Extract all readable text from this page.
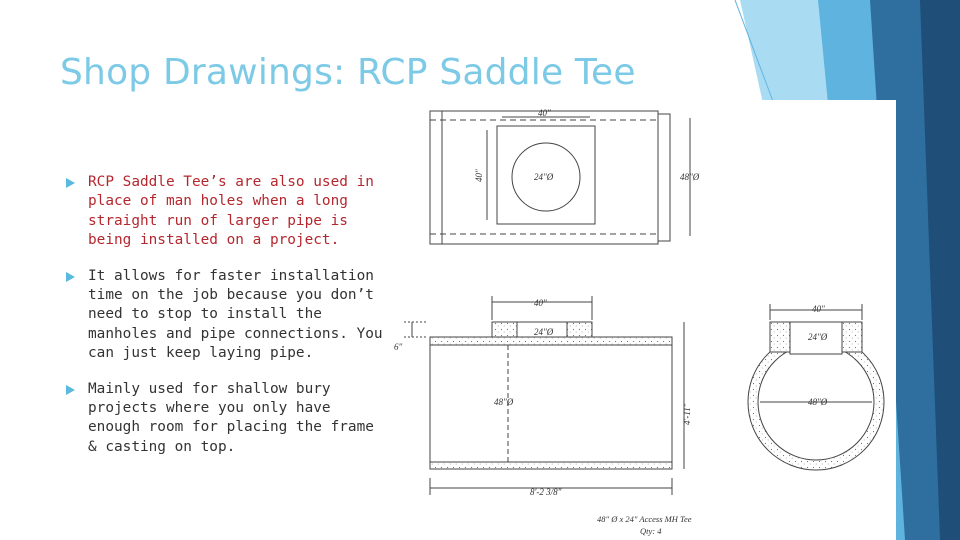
Shop Drawings: RCP Saddle Tee
RCP Saddle Tee’s are also used in place of man holes when a long straight run of larger pipe is being installed on a project.
It allows for faster installation time on the job because you don’t need to stop to install the manholes and pipe connections. You can just keep laying pipe.
Mainly used for shallow bury projects where you only have enough room for placing the frame & casting on top.
40"
40"	24"Ø	48"Ø
40"
24"Ø
6"
48"Ø
4'-11"
8'-2 3/8"
40"
24"Ø
48"Ø
48" Ø x 24" Access MH Tee
Qty: 4
